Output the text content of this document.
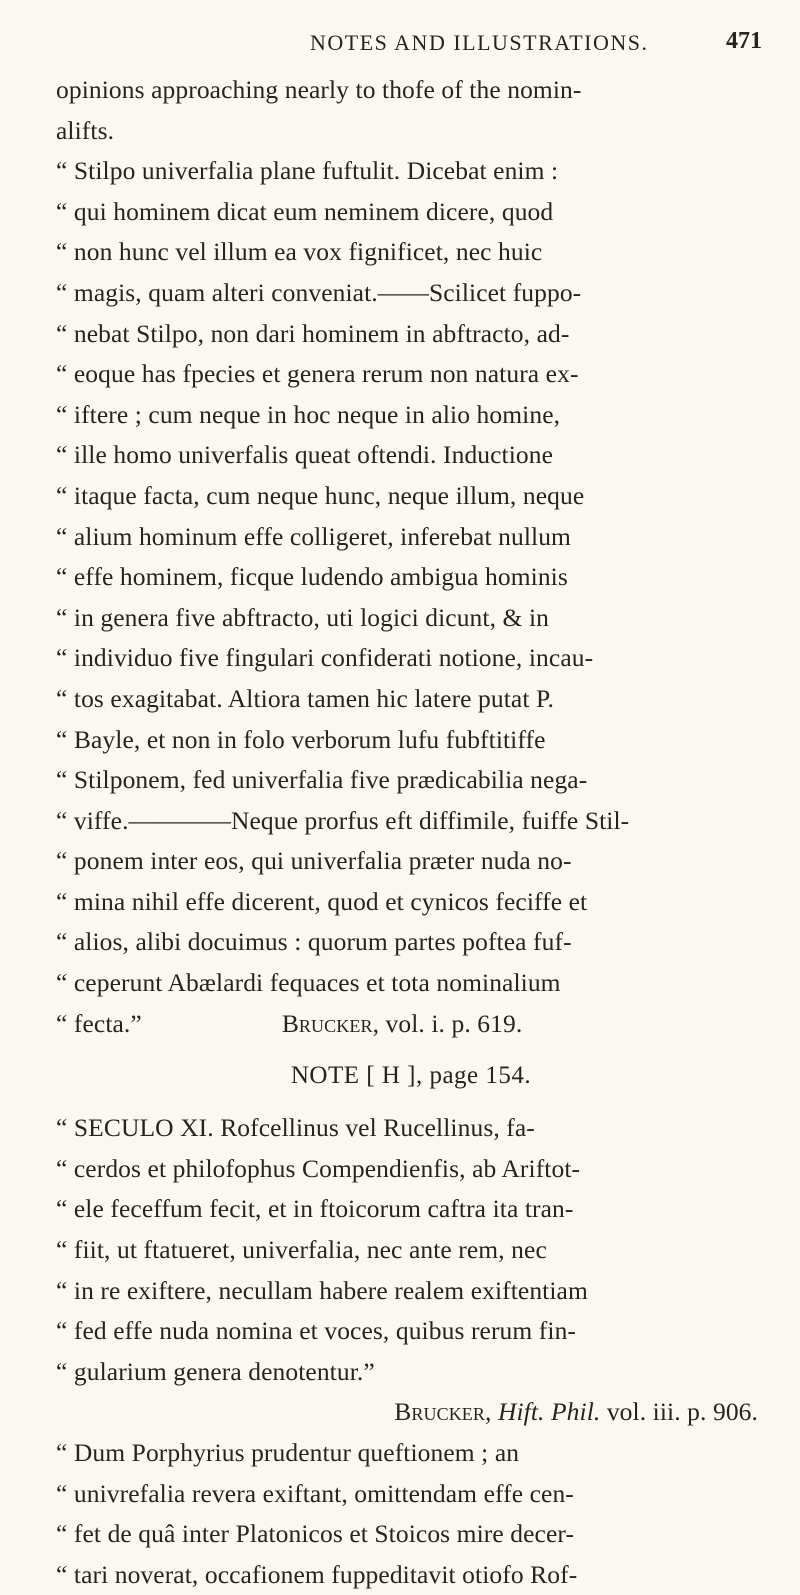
NOTES AND ILLUSTRATIONS.	471
opinions approaching nearly to thofe of the nomin-
alifts.
“ Stilpo univerfalia plane fuftulit. Dicebat enim :
“ qui hominem dicat eum neminem dicere, quod
“ non hunc vel illum ea vox fignificet, nec huic
“ magis, quam alteri conveniat.——Scilicet fuppo-
“ nebat Stilpo, non dari hominem in abftracto, ad-
“ eoque has fpecies et genera rerum non natura ex-
“ iftere ; cum neque in hoc neque in alio homine,
“ ille homo univerfalis queat oftendi. Inductione
“ itaque facta, cum neque hunc, neque illum, neque
“ alium hominum effe colligeret, inferebat nullum
“ effe hominem, ficque ludendo ambigua hominis
“ in genera five abftracto, uti logici dicunt, & in
“ individuo five fingulari confiderati notione, incau-
“ tos exagitabat. Altiora tamen hic latere putat P.
“ Bayle, et non in folo verborum lufu fubftitiffe
“ Stilponem, fed univerfalia five prædicabilia nega-
“ viffe.————Neque prorfus eft diffimile, fuiffe Stil-
“ ponem inter eos, qui univerfalia præter nuda no-
“ mina nihil effe dicerent, quod et cynicos feciffe et
“ alios, alibi docuimus : quorum partes poftea fuf-
“ ceperunt Abælardi fequaces et tota nominalium
“ fecta.”	Brucker, vol. i. p. 619.
NOTE [ H ], page 154.
“ SECULO XI. Rofcellinus vel Rucellinus, fa-
“ cerdos et philofophus Compendienfis, ab Ariftot-
“ ele feceffum fecit, et in ftoicorum caftra ita tran-
“ fiit, ut ftatueret, univerfalia, nec ante rem, nec
“ in re exiftere, necullam habere realem exiftentiam
“ fed effe nuda nomina et voces, quibus rerum fin-
“ gularium genera denotentur.”
Brucker, Hift. Phil. vol. iii. p. 906.
“ Dum Porphyrius prudentur queftionem ; an
“ univrefalia revera exiftant, omittendam effe cen-
“ fet de quâ inter Platonicos et Stoicos mire decer-
“ tari noverat, occafionem fuppeditavit otiofo Rof-
